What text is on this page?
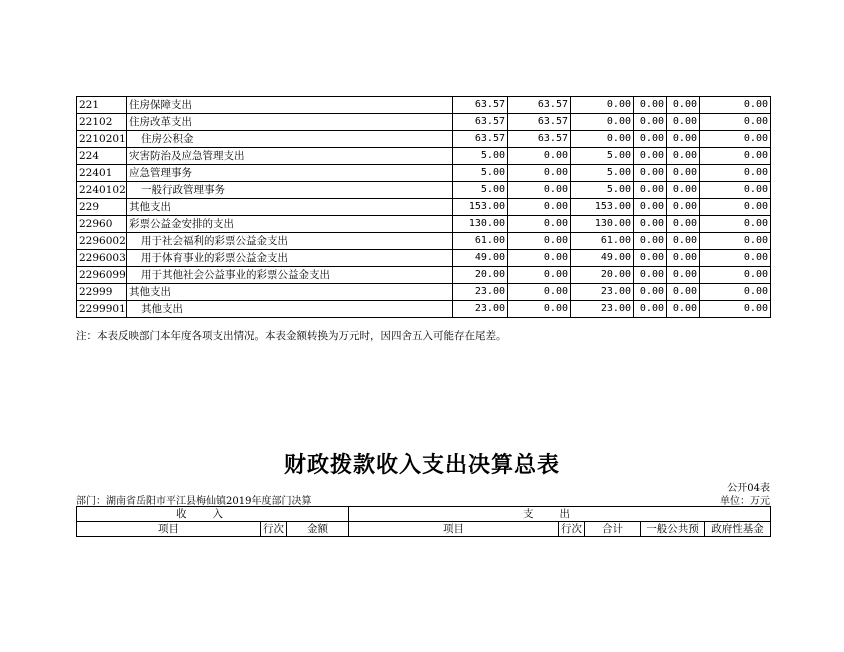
221	住房保障支出	63.57	63.57	0.00	0.00	0.00	0.00
22102	住房改革支出	63.57	63.57	0.00	0.00	0.00	0.00
2210201	住房公积金	63.57	63.57	0.00	0.00	0.00	0.00
224	灾害防治及应急管理支出	5.00	0.00	5.00	0.00	0.00	0.00
22401	应急管理事务	5.00	0.00	5.00	0.00	0.00	0.00
2240102	一般行政管理事务	5.00	0.00	5.00	0.00	0.00	0.00
229	其他支出	153.00	0.00	153.00	0.00	0.00	0.00
22960	彩票公益金安排的支出	130.00	0.00	130.00	0.00	0.00	0.00
2296002	用于社会福利的彩票公益金支出	61.00	0.00	61.00	0.00	0.00	0.00
2296003	用于体育事业的彩票公益金支出	49.00	0.00	49.00	0.00	0.00	0.00
2296099	用于其他社会公益事业的彩票公益金支出	20.00	0.00	20.00	0.00	0.00	0.00
22999	其他支出	23.00	0.00	23.00	0.00	0.00	0.00
2299901	其他支出	23.00	0.00	23.00	0.00	0.00	0.00
注：本表反映部门本年度各项支出情况。本表金额转换为万元时，因四舍五入可能存在尾差。
财政拨款收入支出决算总表
公开04表
部门：湖南省岳阳市平江县梅仙镇2019年度部门决算	单位：万元
收入			支出				
项目	行次	金额	项目	行次	合计	一般公共预	政府性基金
